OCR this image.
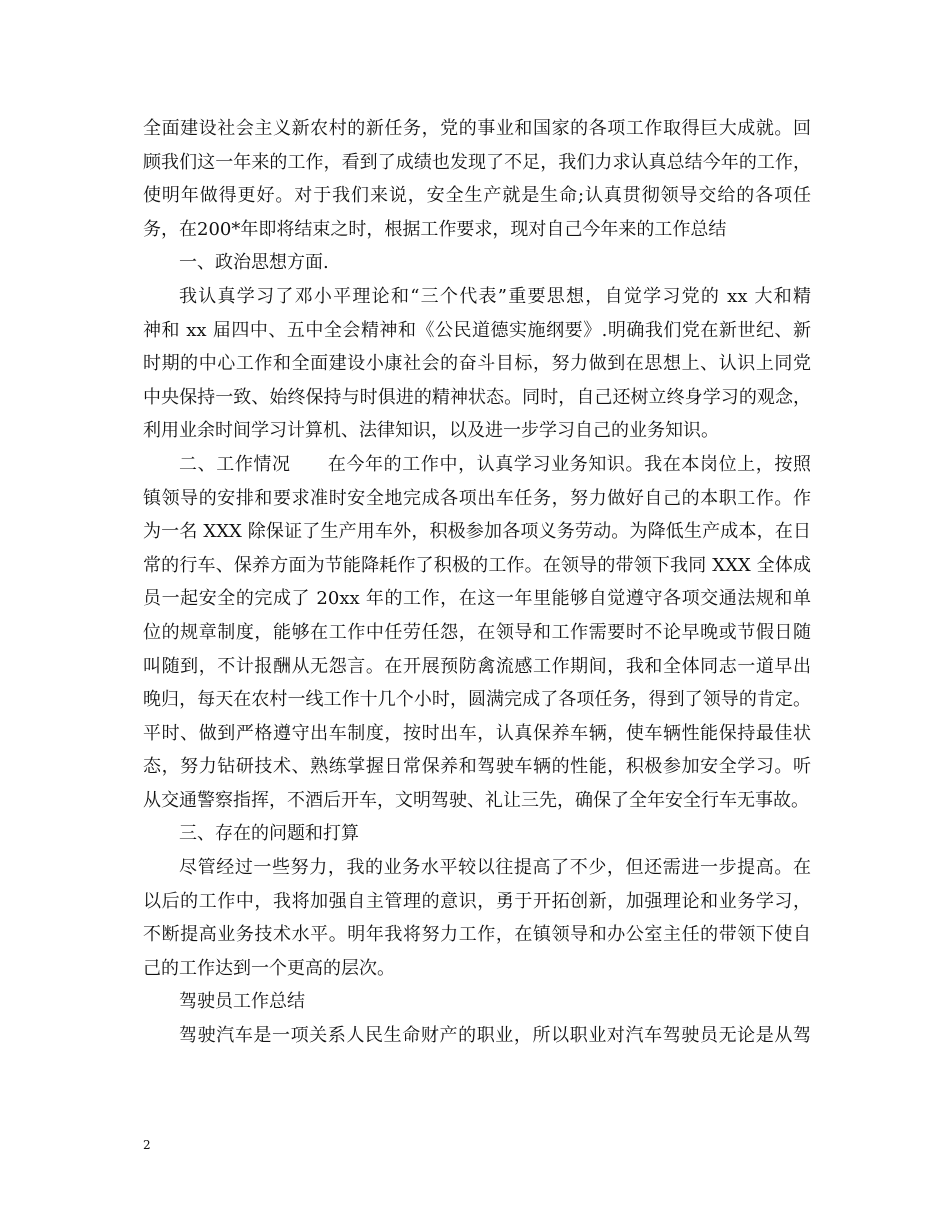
全面建设社会主义新农村的新任务，党的事业和国家的各项工作取得巨大成就。回
顾我们这一年来的工作，看到了成绩也发现了不足，我们力求认真总结今年的工作，
使明年做得更好。对于我们来说，安全生产就是生命;认真贯彻领导交给的各项任
务，在200*年即将结束之时，根据工作要求，现对自己今年来的工作总结
一、政治思想方面.
我认真学习了邓小平理论和“三个代表”重要思想，自觉学习党的 xx 大和精
神和 xx 届四中、五中全会精神和《公民道德实施纲要》.明确我们党在新世纪、新
时期的中心工作和全面建设小康社会的奋斗目标，努力做到在思想上、认识上同党
中央保持一致、始终保持与时俱进的精神状态。同时，自己还树立终身学习的观念，
利用业余时间学习计算机、法律知识，以及进一步学习自己的业务知识。
二、工作情况　　在今年的工作中，认真学习业务知识。我在本岗位上，按照
镇领导的安排和要求准时安全地完成各项出车任务，努力做好自己的本职工作。作
为一名 XXX 除保证了生产用车外，积极参加各项义务劳动。为降低生产成本，在日
常的行车、保养方面为节能降耗作了积极的工作。在领导的带领下我同 XXX 全体成
员一起安全的完成了 20xx 年的工作，在这一年里能够自觉遵守各项交通法规和单
位的规章制度，能够在工作中任劳任怨，在领导和工作需要时不论早晚或节假日随
叫随到，不计报酬从无怨言。在开展预防禽流感工作期间，我和全体同志一道早出
晚归，每天在农村一线工作十几个小时，圆满完成了各项任务，得到了领导的肯定。
平时、做到严格遵守出车制度，按时出车，认真保养车辆，使车辆性能保持最佳状
态，努力钻研技术、熟练掌握日常保养和驾驶车辆的性能，积极参加安全学习。听
从交通警察指挥，不酒后开车，文明驾驶、礼让三先，确保了全年安全行车无事故。
三、存在的问题和打算
尽管经过一些努力，我的业务水平较以往提高了不少，但还需进一步提高。在
以后的工作中，我将加强自主管理的意识，勇于开拓创新，加强理论和业务学习，
不断提高业务技术水平。明年我将努力工作，在镇领导和办公室主任的带领下使自
己的工作达到一个更高的层次。
驾驶员工作总结
驾驶汽车是一项关系人民生命财产的职业，所以职业对汽车驾驶员无论是从驾
2
